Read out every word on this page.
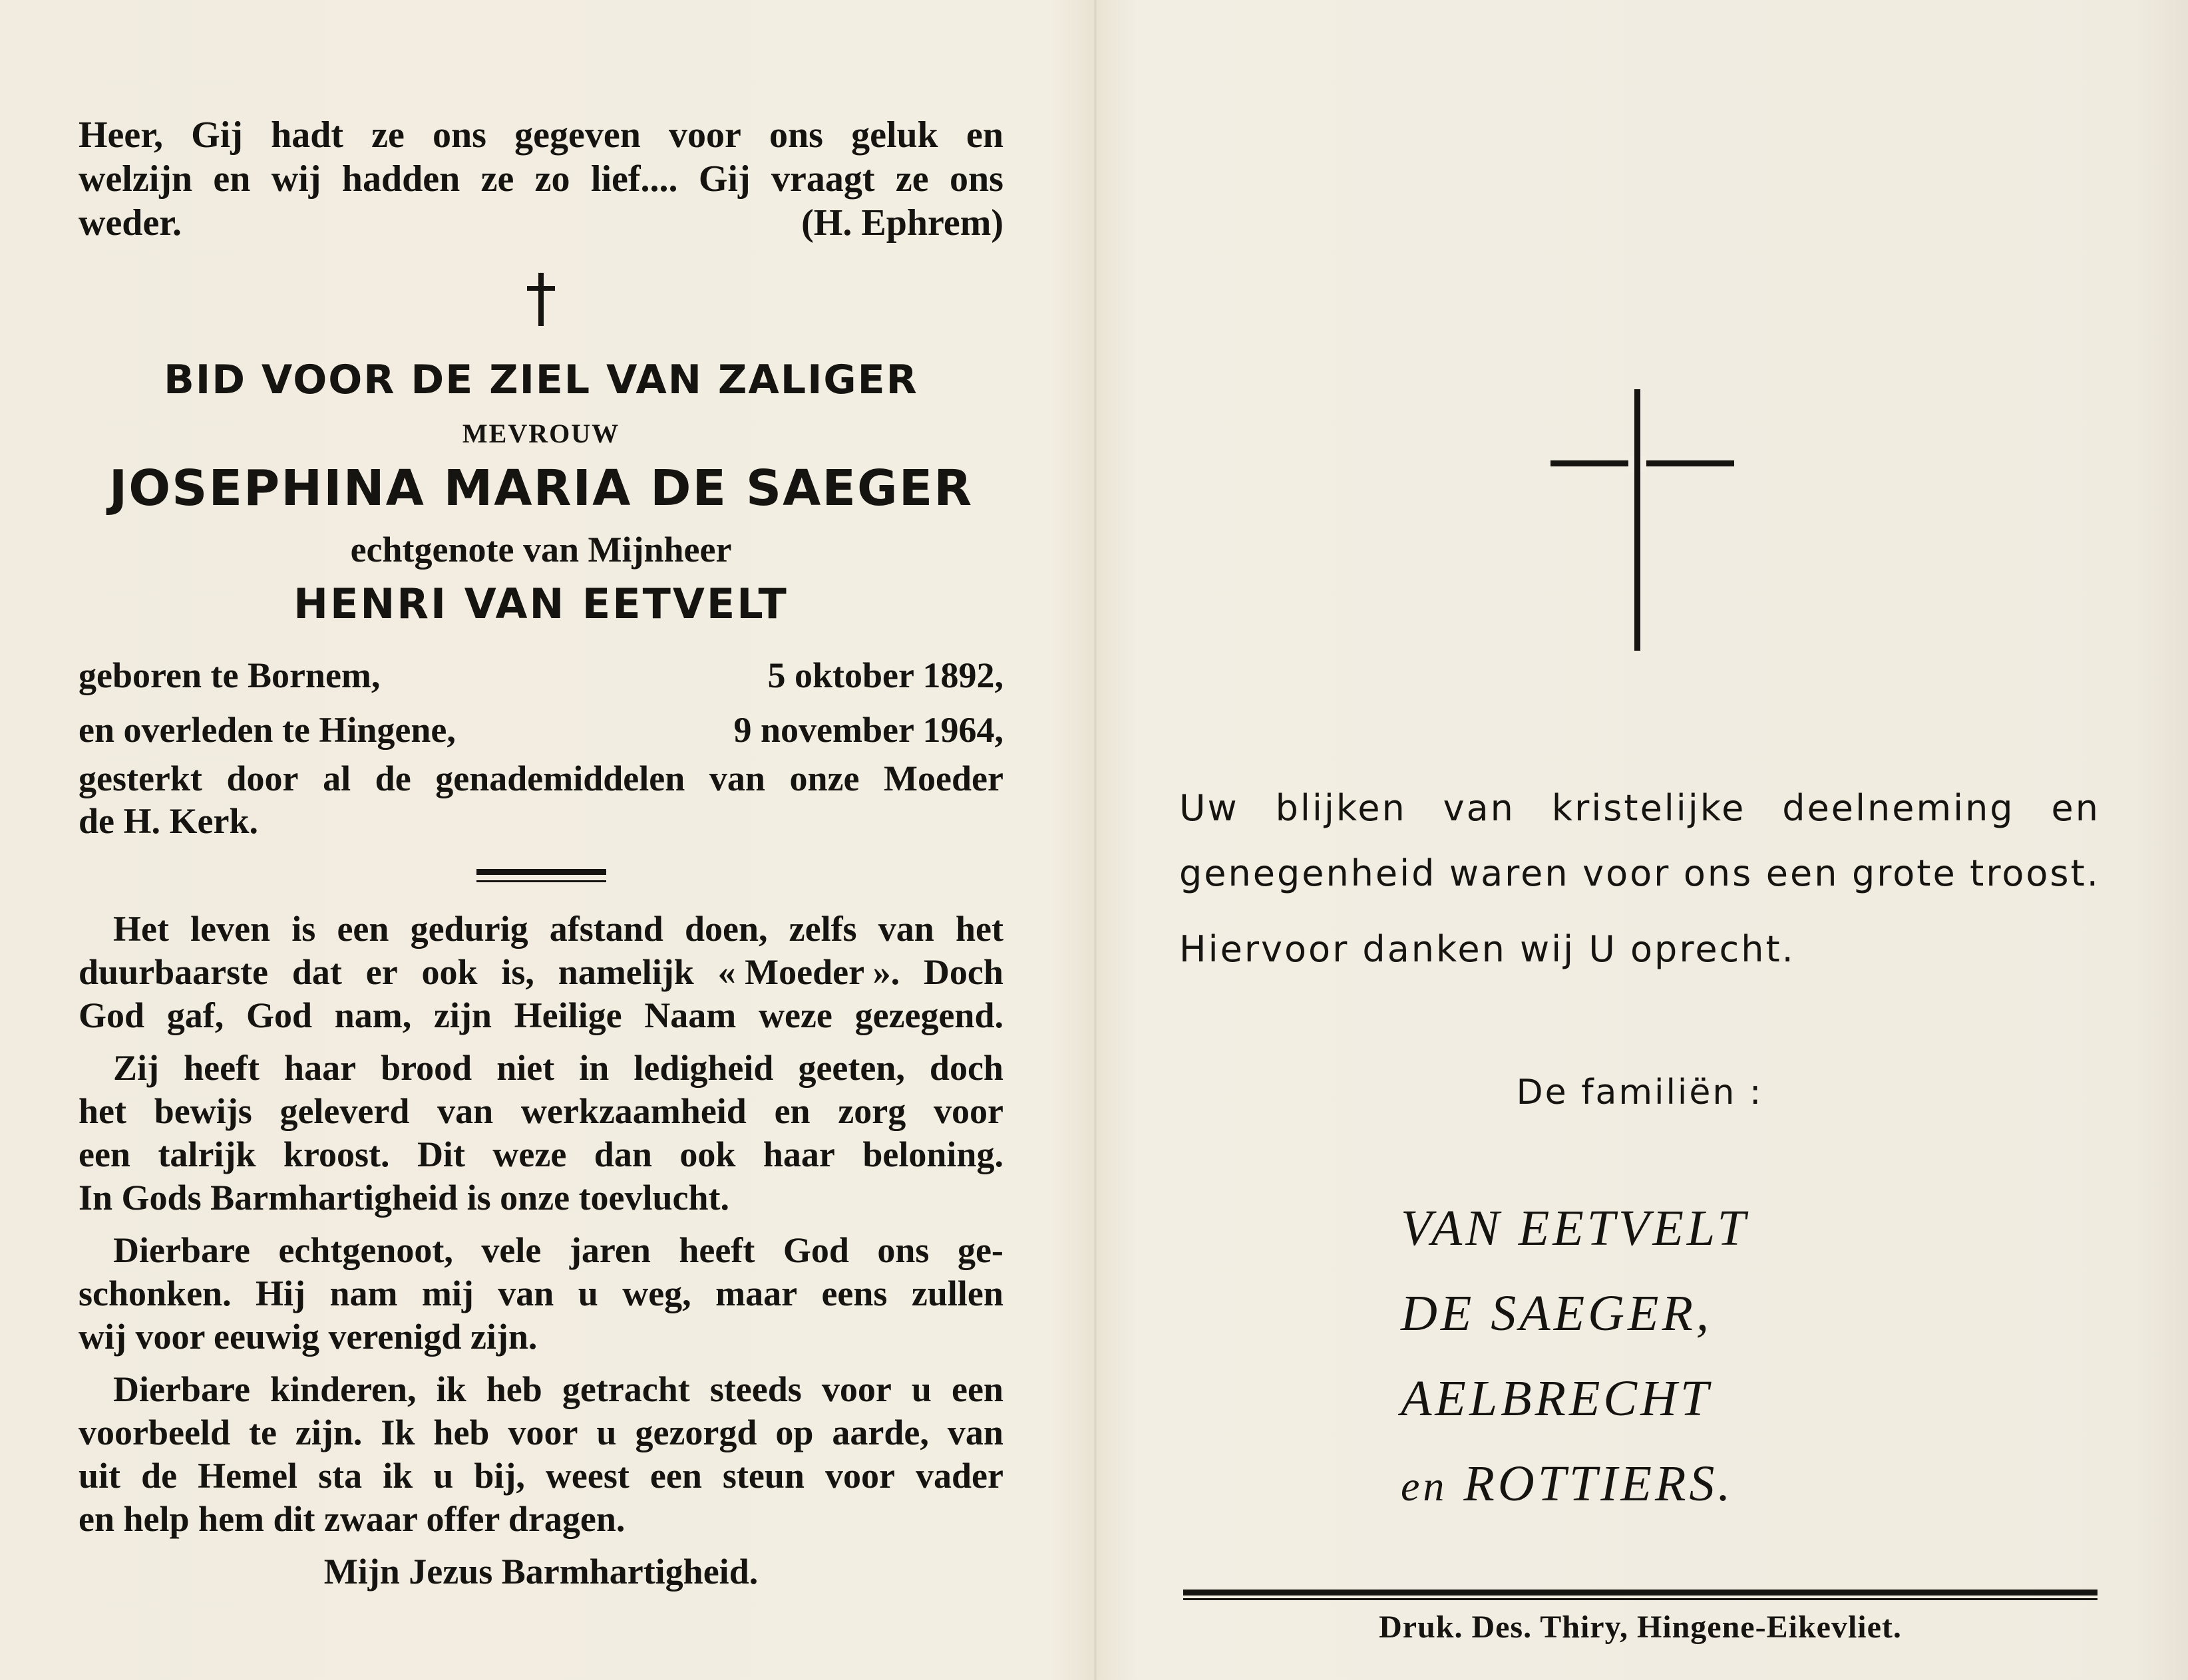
Heer, Gij hadt ze ons gegeven voor ons geluk en
welzijn en wij hadden ze zo lief.... Gij vraagt ze ons
weder.	(H. Ephrem)
BID VOOR DE ZIEL VAN ZALIGER
MEVROUW
JOSEPHINA MARIA DE SAEGER
echtgenote van Mijnheer
HENRI VAN EETVELT
geboren te Bornem,	5 oktober 1892,
en overleden te Hingene,	9 november 1964,
gesterkt door al de genademiddelen van onze Moeder
de H. Kerk.
Het leven is een gedurig afstand doen, zelfs van het
duurbaarste dat er ook is, namelijk « Moeder ». Doch
God gaf, God nam, zijn Heilige Naam weze gezegend.
Zij heeft haar brood niet in ledigheid geeten, doch
het bewijs geleverd van werkzaamheid en zorg voor
een talrijk kroost. Dit weze dan ook haar beloning.
In Gods Barmhartigheid is onze toevlucht.
Dierbare echtgenoot, vele jaren heeft God ons ge-
schonken. Hij nam mij van u weg, maar eens zullen
wij voor eeuwig verenigd zijn.
Dierbare kinderen, ik heb getracht steeds voor u een
voorbeeld te zijn. Ik heb voor u gezorgd op aarde, van
uit de Hemel sta ik u bij, weest een steun voor vader
en help hem dit zwaar offer dragen.
Mijn Jezus Barmhartigheid.
Uw blijken van kristelijke deelneming en
genegenheid waren voor ons een grote troost.
Hiervoor danken wij U oprecht.
De familiën :
VAN EETVELT
DE SAEGER,
AELBRECHT
en ROTTIERS.
Druk. Des. Thiry, Hingene-Eikevliet.
